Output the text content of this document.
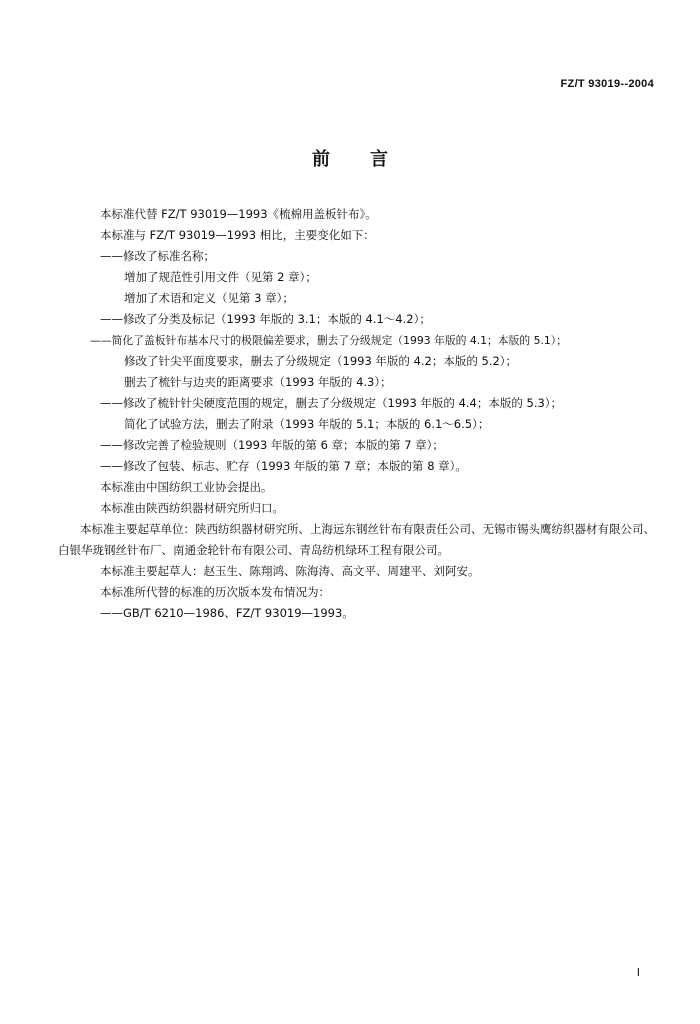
FZ/T 93019--2004
前言
本标准代替 FZ/T 93019—1993《梳棉用盖板针布》。
本标准与 FZ/T 93019—1993 相比，主要变化如下：
——修改了标准名称；
增加了规范性引用文件（见第 2 章）；
增加了术语和定义（见第 3 章）；
——修改了分类及标记（1993 年版的 3.1；本版的 4.1～4.2）；
——简化了盖板针布基本尺寸的极限偏差要求，删去了分级规定（1993 年版的 4.1；本版的 5.1）；
修改了针尖平面度要求，删去了分级规定（1993 年版的 4.2；本版的 5.2）；
删去了梳针与边夹的距离要求（1993 年版的 4.3）；
——修改了梳针针尖硬度范围的规定，删去了分级规定（1993 年版的 4.4；本版的 5.3）；
简化了试验方法，删去了附录（1993 年版的 5.1；本版的 6.1～6.5）；
——修改完善了检验规则（1993 年版的第 6 章；本版的第 7 章）；
——修改了包装、标志、贮存（1993 年版的第 7 章；本版的第 8 章）。
本标准由中国纺织工业协会提出。
本标准由陕西纺织器材研究所归口。
本标准主要起草单位：陕西纺织器材研究所、上海远东钢丝针布有限责任公司、无锡市锡头鹰纺织器材有限公司、白银华珑钢丝针布厂、南通金轮针布有限公司、青岛纺机绿环工程有限公司。
本标准主要起草人：赵玉生、陈翔鸿、陈海涛、高文平、周建平、刘阿安。
本标准所代替的标准的历次版本发布情况为：
——GB/T 6210—1986、FZ/T 93019—1993。
I
